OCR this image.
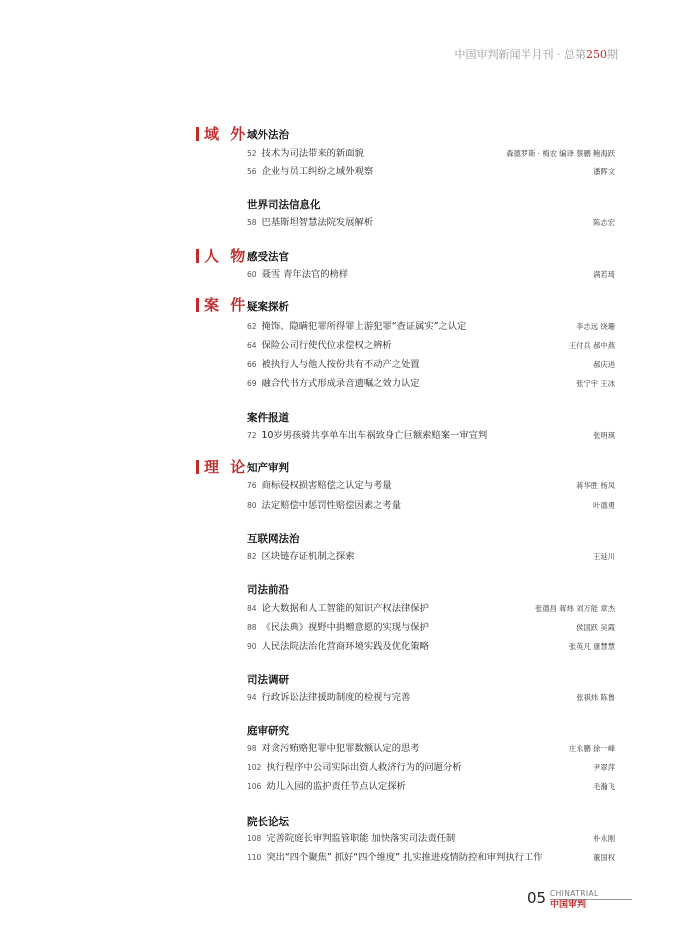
中国审判新闻半月刊 · 总第250期
域 外
人 物
案 件
理 论
域外法治
世界司法信息化
感受法官
疑案探析
案件报道
知产审判
互联网法治
司法前沿
司法调研
庭审研究
院长论坛
52 技术为司法带来的新面貌	森德罗斯 · 梅农 编译 蔡鹏 鲍海跃
56 企业与员工纠纷之域外观察	潘晖文
58 巴基斯坦智慧法院发展解析	陈志宏
60 聂雪 青年法官的榜样	满若琦
62 掩饰、隐瞒犯罪所得罪上游犯罪“查证属实”之认定	李志远 饶珊
64 保险公司行使代位求偿权之辨析	王付兵 郝中燕
66 被执行人与他人按份共有不动产之处置	郝庆进
69 融合代书方式形成录音遗嘱之效力认定	张宁宇 王冰
72 10岁男孩骑共享单车出车祸致身亡巨额索赔案一审宣判	张明瑛
76 商标侵权损害赔偿之认定与考量	蒋华胜 杨凤
80 法定赔偿中惩罚性赔偿因素之考量	叶德勇
82 区块链存证机制之探索	王延川
84 论大数据和人工智能的知识产权法律保护	张德昌 蒋炜 刘万能 章杰
88 《民法典》视野中捐赠意愿的实现与保护	侯国跃 吴霞
90 人民法院法治化营商环境实践及优化策略	张英凡 康慧慧
94 行政诉讼法律援助制度的检视与完善	张祺炜 陈鲁
98 对贪污贿赂犯罪中犯罪数额认定的思考	庄永鹏 徐一峰
102 执行程序中公司实际出资人救济行为的问题分析	尹翠萍
106 幼儿入园的监护责任节点认定探析	毛瀚飞
108 完善院庭长审判监管职能 加快落实司法责任制	朴永刚
110 突出“四个聚焦” 抓好“四个维度” 扎实推进疫情防控和审判执行工作	董国权
05 CHINATRIAL
中国审判
